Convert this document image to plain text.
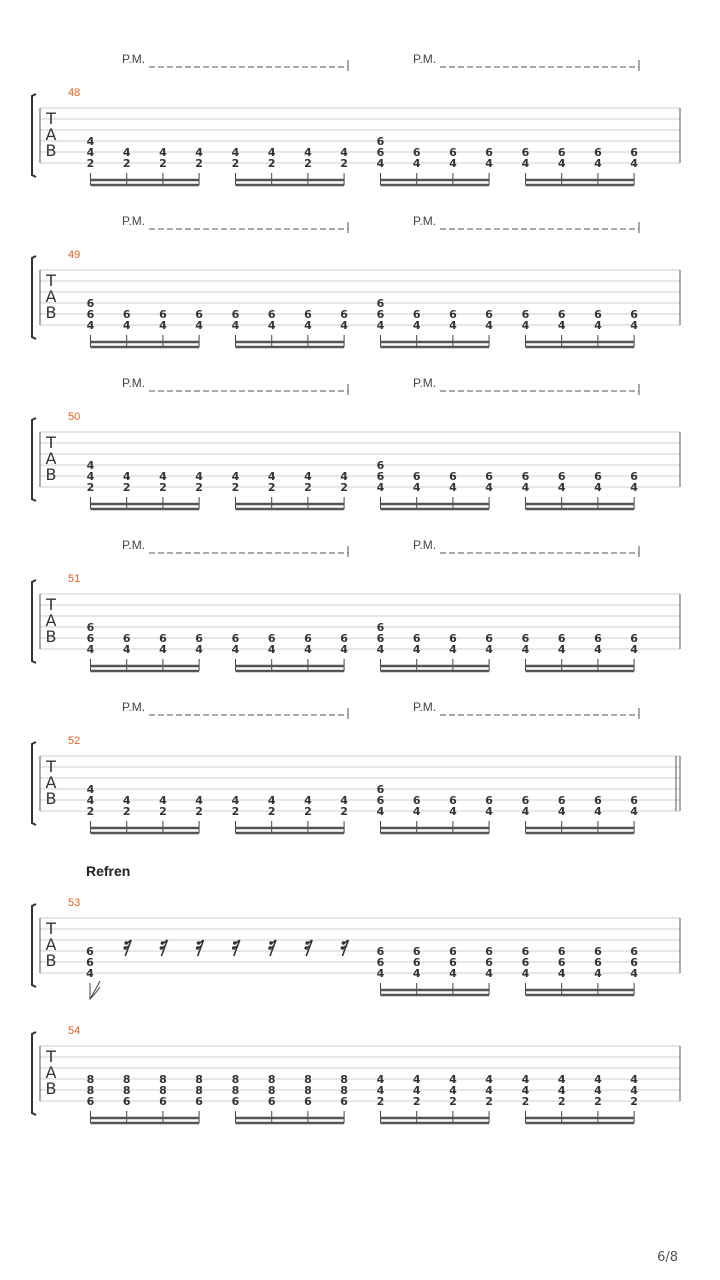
T
A
B
48
P.M.	P.M.
4
4
2
4
2
4
2
4
2
4
2
4
2
4
2
4
2
6
6
4
6
4
6
4
6
4
6
4
6
4
6
4
6
4
T
A
B
49
P.M.	P.M.
6
6
4
6
4
6
4
6
4
6
4
6
4
6
4
6
4
6
6
4
6
4
6
4
6
4
6
4
6
4
6
4
6
4
T
A
B
50
P.M.	P.M.
4
4
2
4
2
4
2
4
2
4
2
4
2
4
2
4
2
6
6
4
6
4
6
4
6
4
6
4
6
4
6
4
6
4
T
A
B
51
P.M.	P.M.
6
6
4
6
4
6
4
6
4
6
4
6
4
6
4
6
4
6
6
4
6
4
6
4
6
4
6
4
6
4
6
4
6
4
T
A
B
52
P.M.	P.M.
4
4
2
4
2
4
2
4
2
4
2
4
2
4
2
4
2
6
6
4
6
4
6
4
6
4
6
4
6
4
6
4
6
4
T
A
B
53
Refren
6
6
4
6
6
4
6
6
4
6
6
4
6
6
4
6
6
4
6
6
4
6
6
4
6
6
4
T
A
B
54
8
8
6
8
8
6
8
8
6
8
8
6
8
8
6
8
8
6
8
8
6
8
8
6
4
4
2
4
4
2
4
4
2
4
4
2
4
4
2
4
4
2
4
4
2
4
4
2
6/8
